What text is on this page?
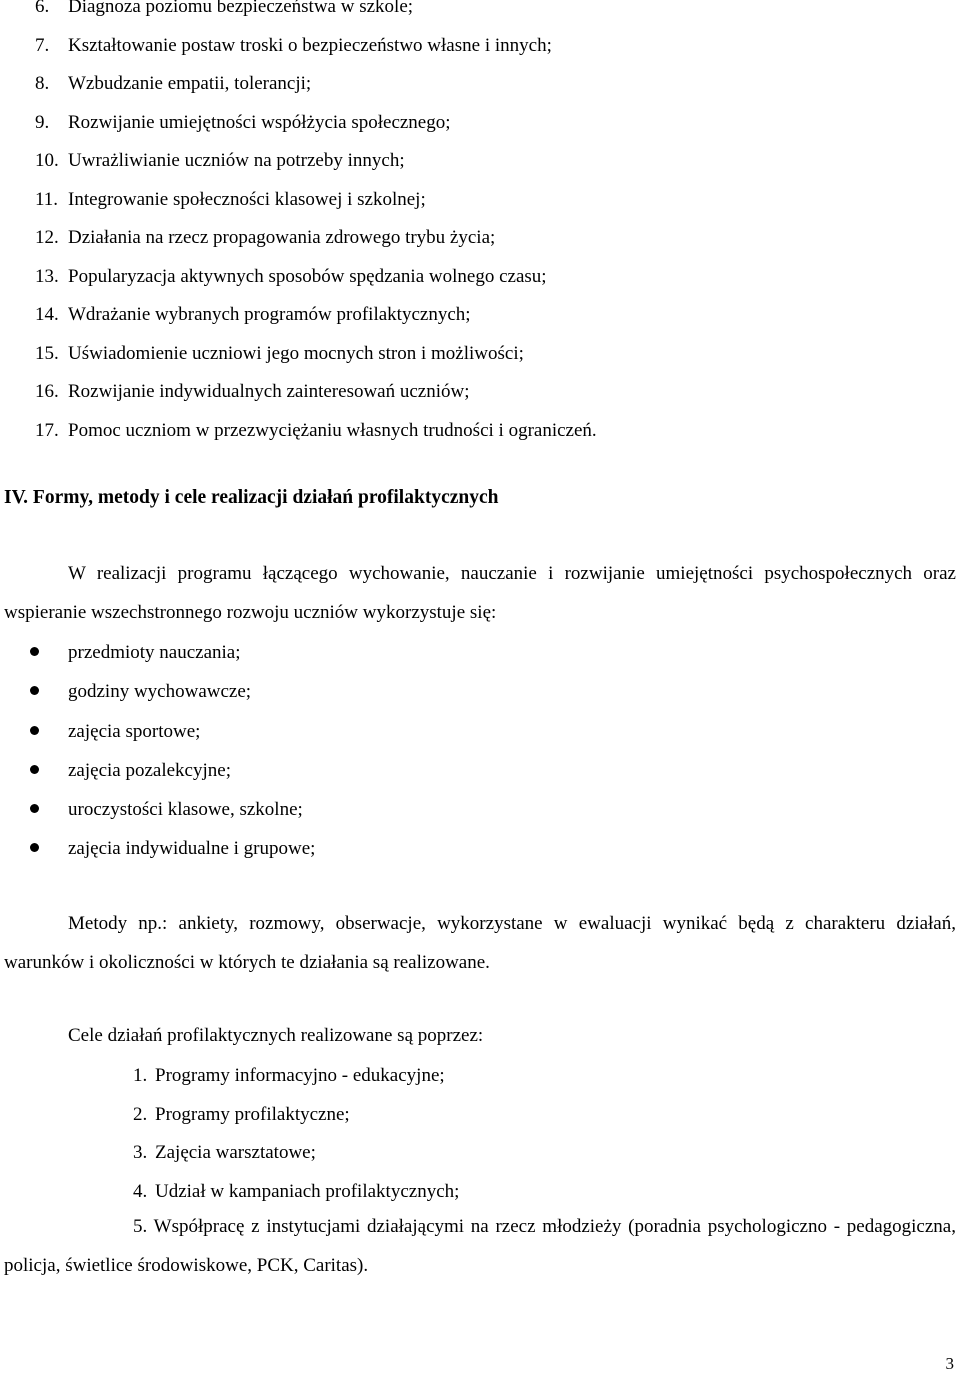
6. Diagnoza poziomu bezpieczeństwa w szkole;
7. Kształtowanie postaw troski o bezpieczeństwo własne i innych;
8. Wzbudzanie empatii, tolerancji;
9. Rozwijanie umiejętności współżycia społecznego;
10. Uwrażliwianie uczniów na potrzeby innych;
11. Integrowanie społeczności klasowej i szkolnej;
12. Działania na rzecz propagowania zdrowego trybu życia;
13. Popularyzacja aktywnych sposobów spędzania wolnego czasu;
14. Wdrażanie wybranych programów profilaktycznych;
15. Uświadomienie uczniowi jego mocnych stron i możliwości;
16. Rozwijanie indywidualnych zainteresowań uczniów;
17. Pomoc uczniom w przezwyciężaniu własnych trudności i ograniczeń.
IV. Formy, metody i cele realizacji działań profilaktycznych

W realizacji programu łączącego wychowanie, nauczanie i rozwijanie umiejętności psychospołecznych oraz wspieranie wszechstronnego rozwoju uczniów wykorzystuje się:

przedmioty nauczania;
godziny wychowawcze;
zajęcia sportowe;
zajęcia pozalekcyjne;
uroczystości klasowe, szkolne;
zajęcia indywidualne i grupowe;

Metody np.: ankiety, rozmowy, obserwacje, wykorzystane w ewaluacji wynikać będą z charakteru działań, warunków i okoliczności w których te działania są realizowane.

Cele działań profilaktycznych realizowane są poprzez:
1. Programy informacyjno - edukacyjne;
2. Programy profilaktyczne;
3. Zajęcia warsztatowe;
4. Udział w kampaniach profilaktycznych;

5. Współpracę z instytucjami działającymi na rzecz młodzieży (poradnia psychologiczno - pedagogiczna, policja, świetlice środowiskowe, PCK, Caritas).

3
